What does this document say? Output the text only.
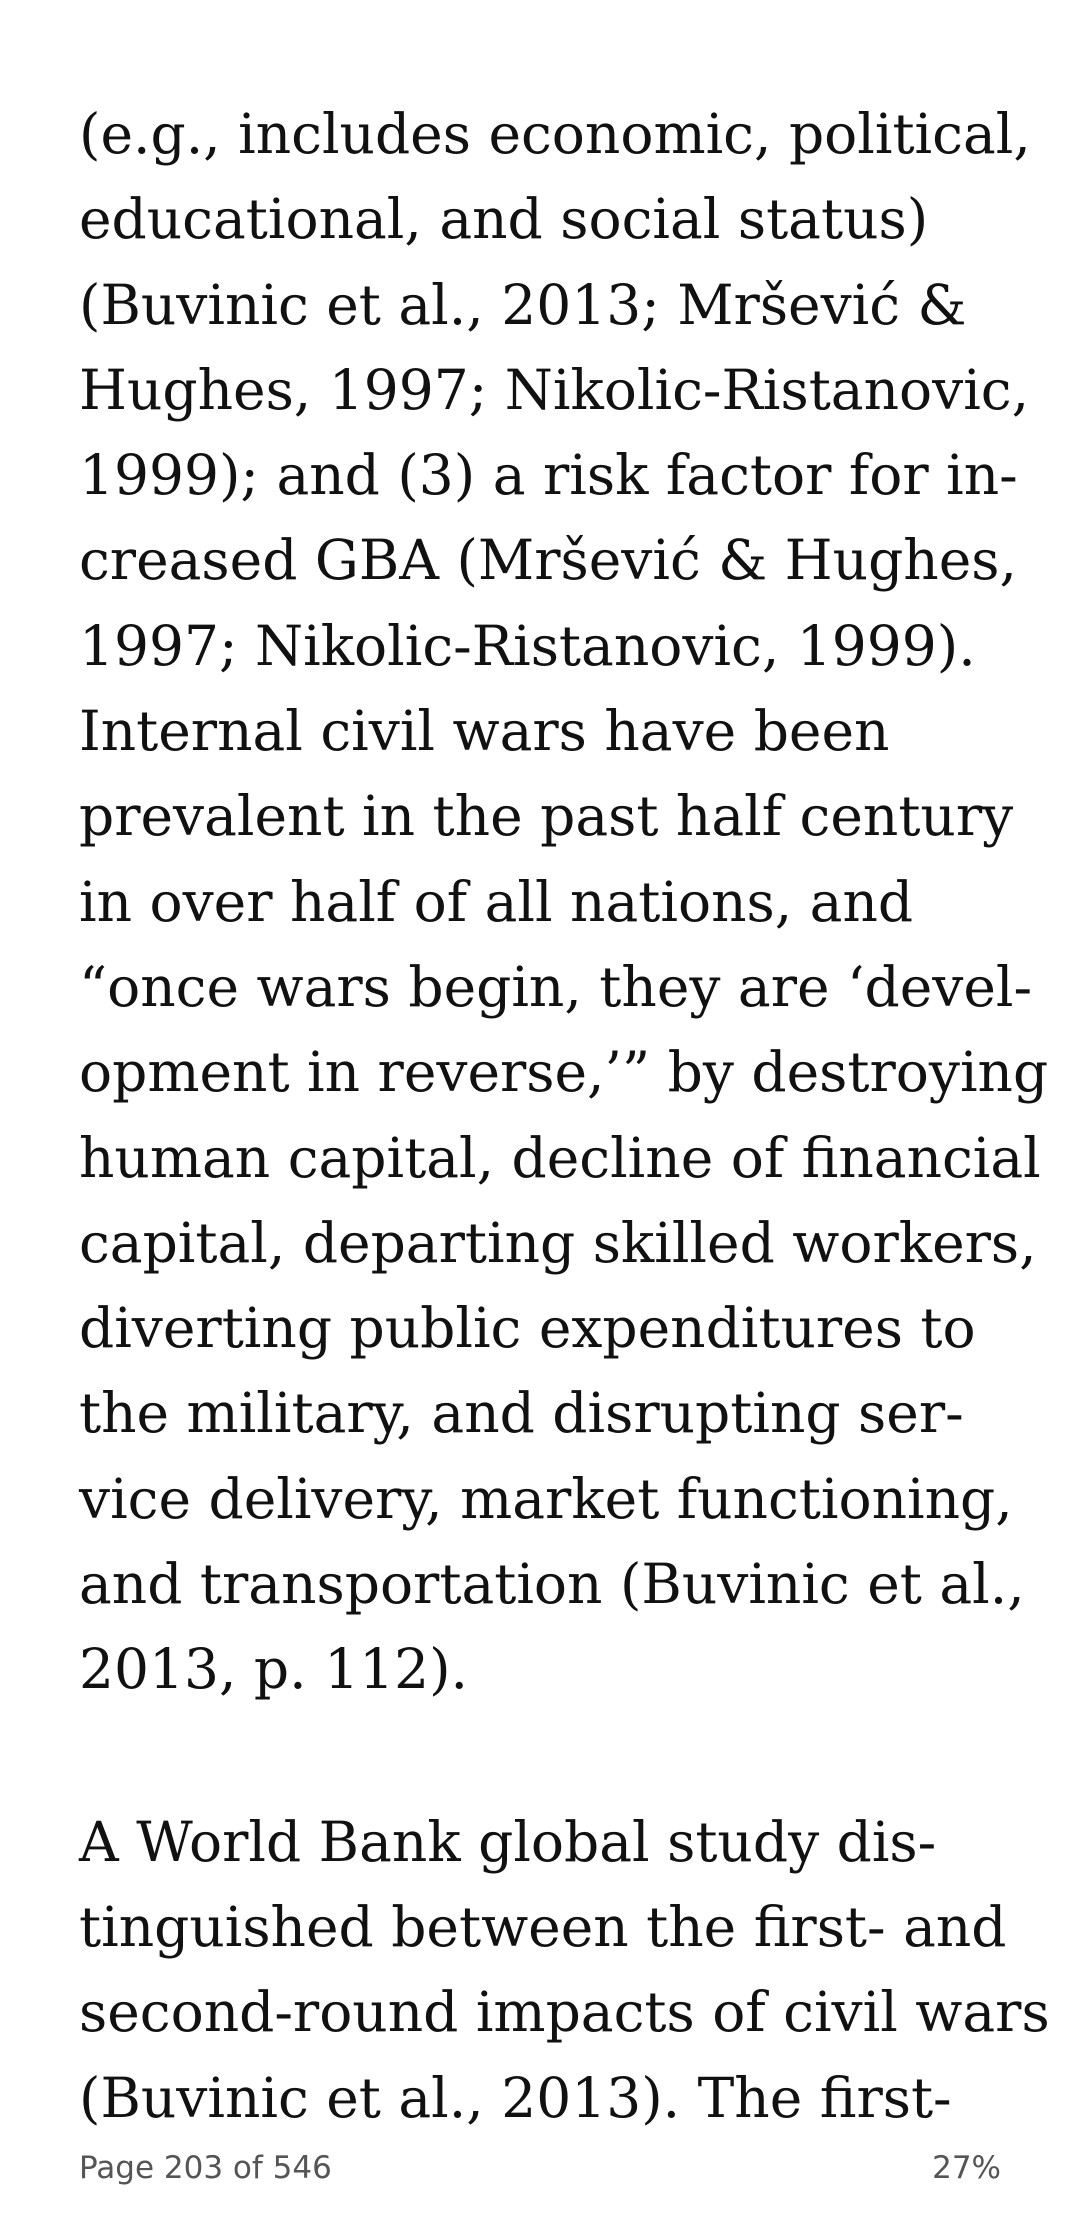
(e.g., includes economic, political,
educational, and social status)
(Buvinic et al., 2013; Mršević &
Hughes, 1997; Nikolic-Ristanovic,
1999); and (3) a risk factor for in-
creased GBA (Mršević & Hughes,
1997; Nikolic-Ristanovic, 1999).
Internal civil wars have been
prevalent in the past half century
in over half of all nations, and
“once wars begin, they are ‘devel-
opment in reverse,’” by destroying
human capital, decline of financial
capital, departing skilled workers,
diverting public expenditures to
the military, and disrupting ser-
vice delivery, market functioning,
and transportation (Buvinic et al.,
2013, p. 112).
A World Bank global study dis-
tinguished between the first- and
second-round impacts of civil wars
(Buvinic et al., 2013). The first-
Page 203 of 546	27%
